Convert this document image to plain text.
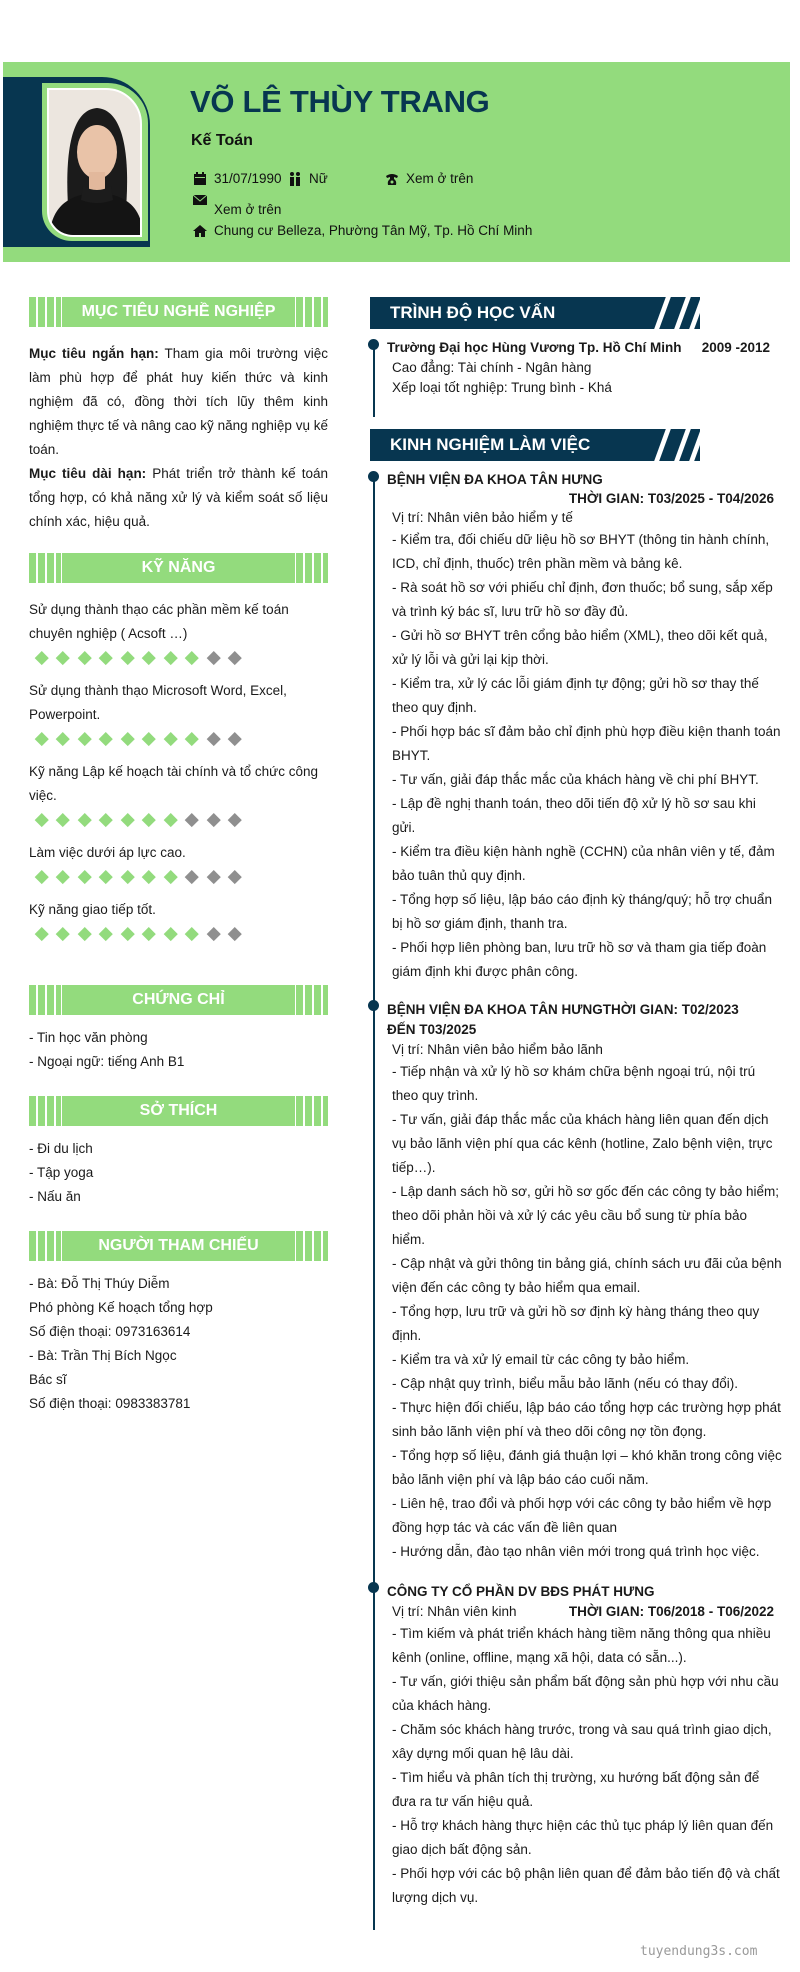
VÕ LÊ THÙY TRANG
Kế Toán
31/07/1990 Nữ	Xem ở trên
Xem ở trên
Chung cư Belleza, Phường Tân Mỹ, Tp. Hồ Chí Minh
MỤC TIÊU NGHỀ NGHIỆP

Mục tiêu ngắn hạn: Tham gia môi trường việc làm phù hợp để phát huy kiến thức và kinh nghiệm đã có, đồng thời tích lũy thêm kinh nghiệm thực tế và nâng cao kỹ năng nghiệp vụ kế toán.

Mục tiêu dài hạn: Phát triển trở thành kế toán tổng hợp, có khả năng xử lý và kiểm soát số liệu chính xác, hiệu quả.

KỸ NĂNG
Sử dụng thành thạo các phần mềm kế toán chuyên nghiệp ( Acsoft …)
Sử dụng thành thạo Microsoft Word, Excel, Powerpoint.
Kỹ năng Lập kế hoạch tài chính và tổ chức công việc.
Làm việc dưới áp lực cao.
Kỹ năng giao tiếp tốt.
CHỨNG CHỈ
- Tin học văn phòng
- Ngoại ngữ: tiếng Anh B1
SỞ THÍCH
- Đi du lịch
- Tập yoga
- Nấu ăn
NGƯỜI THAM CHIẾU
- Bà: Đỗ Thị Thúy Diễm
Phó phòng Kế hoạch tổng hợp
Số điện thoại: 0973163614
- Bà: Trần Thị Bích Ngọc
Bác sĩ
Số điện thoại: 0983383781
TRÌNH ĐỘ HỌC VẤN
Trường Đại học Hùng Vương Tp. Hồ Chí Minh 2009 -2012
Cao đẳng: Tài chính - Ngân hàng
Xếp loại tốt nghiệp: Trung bình - Khá
KINH NGHIỆM LÀM VIỆC
BỆNH VIỆN ĐA KHOA TÂN HƯNG
THỜI GIAN: T03/2025 - T04/2026
Vị trí: Nhân viên bảo hiểm y tế
- Kiểm tra, đối chiếu dữ liệu hồ sơ BHYT (thông tin hành chính, ICD, chỉ định, thuốc) trên phần mềm và bảng kê.
- Rà soát hồ sơ với phiếu chỉ định, đơn thuốc; bổ sung, sắp xếp và trình ký bác sĩ, lưu trữ hồ sơ đầy đủ.
- Gửi hồ sơ BHYT trên cổng bảo hiểm (XML), theo dõi kết quả, xử lý lỗi và gửi lại kịp thời.
- Kiểm tra, xử lý các lỗi giám định tự động; gửi hồ sơ thay thế theo quy định.
- Phối hợp bác sĩ đảm bảo chỉ định phù hợp điều kiện thanh toán BHYT.
- Tư vấn, giải đáp thắc mắc của khách hàng về chi phí BHYT.
- Lập đề nghị thanh toán, theo dõi tiến độ xử lý hồ sơ sau khi gửi.
- Kiểm tra điều kiện hành nghề (CCHN) của nhân viên y tế, đảm bảo tuân thủ quy định.
- Tổng hợp số liệu, lập báo cáo định kỳ tháng/quý; hỗ trợ chuẩn bị hồ sơ giám định, thanh tra.
- Phối hợp liên phòng ban, lưu trữ hồ sơ và tham gia tiếp đoàn giám định khi được phân công.
BỆNH VIỆN ĐA KHOA TÂN HƯNGTHỜI GIAN: T02/2023 ĐẾN T03/2025
Vị trí: Nhân viên bảo hiểm bảo lãnh
- Tiếp nhận và xử lý hồ sơ khám chữa bệnh ngoại trú, nội trú theo quy trình.
- Tư vấn, giải đáp thắc mắc của khách hàng liên quan đến dịch vụ bảo lãnh viện phí qua các kênh (hotline, Zalo bệnh viện, trực tiếp…).
- Lập danh sách hồ sơ, gửi hồ sơ gốc đến các công ty bảo hiểm; theo dõi phản hồi và xử lý các yêu cầu bổ sung từ phía bảo hiểm.
- Cập nhật và gửi thông tin bảng giá, chính sách ưu đãi của bệnh viện đến các công ty bảo hiểm qua email.
- Tổng hợp, lưu trữ và gửi hồ sơ định kỳ hàng tháng theo quy định.
- Kiểm tra và xử lý email từ các công ty bảo hiểm.
- Cập nhật quy trình, biểu mẫu bảo lãnh (nếu có thay đổi).
- Thực hiện đối chiếu, lập báo cáo tổng hợp các trường hợp phát sinh bảo lãnh viện phí và theo dõi công nợ tồn đọng.
- Tổng hợp số liệu, đánh giá thuận lợi – khó khăn trong công việc bảo lãnh viện phí và lập báo cáo cuối năm.
- Liên hệ, trao đổi và phối hợp với các công ty bảo hiểm về hợp đồng hợp tác và các vấn đề liên quan
- Hướng dẫn, đào tạo nhân viên mới trong quá trình học việc.
CÔNG TY CỔ PHẦN DV BĐS PHÁT HƯNG
Vị trí: Nhân viên kinh	THỜI GIAN: T06/2018 - T06/2022
- Tìm kiếm và phát triển khách hàng tiềm năng thông qua nhiều kênh (online, offline, mạng xã hội, data có sẵn...).
- Tư vấn, giới thiệu sản phẩm bất động sản phù hợp với nhu cầu của khách hàng.
- Chăm sóc khách hàng trước, trong và sau quá trình giao dịch, xây dựng mối quan hệ lâu dài.
- Tìm hiểu và phân tích thị trường, xu hướng bất động sản để đưa ra tư vấn hiệu quả.
- Hỗ trợ khách hàng thực hiện các thủ tục pháp lý liên quan đến giao dịch bất động sản.
- Phối hợp với các bộ phận liên quan để đảm bảo tiến độ và chất lượng dịch vụ.
tuyendung3s.com
